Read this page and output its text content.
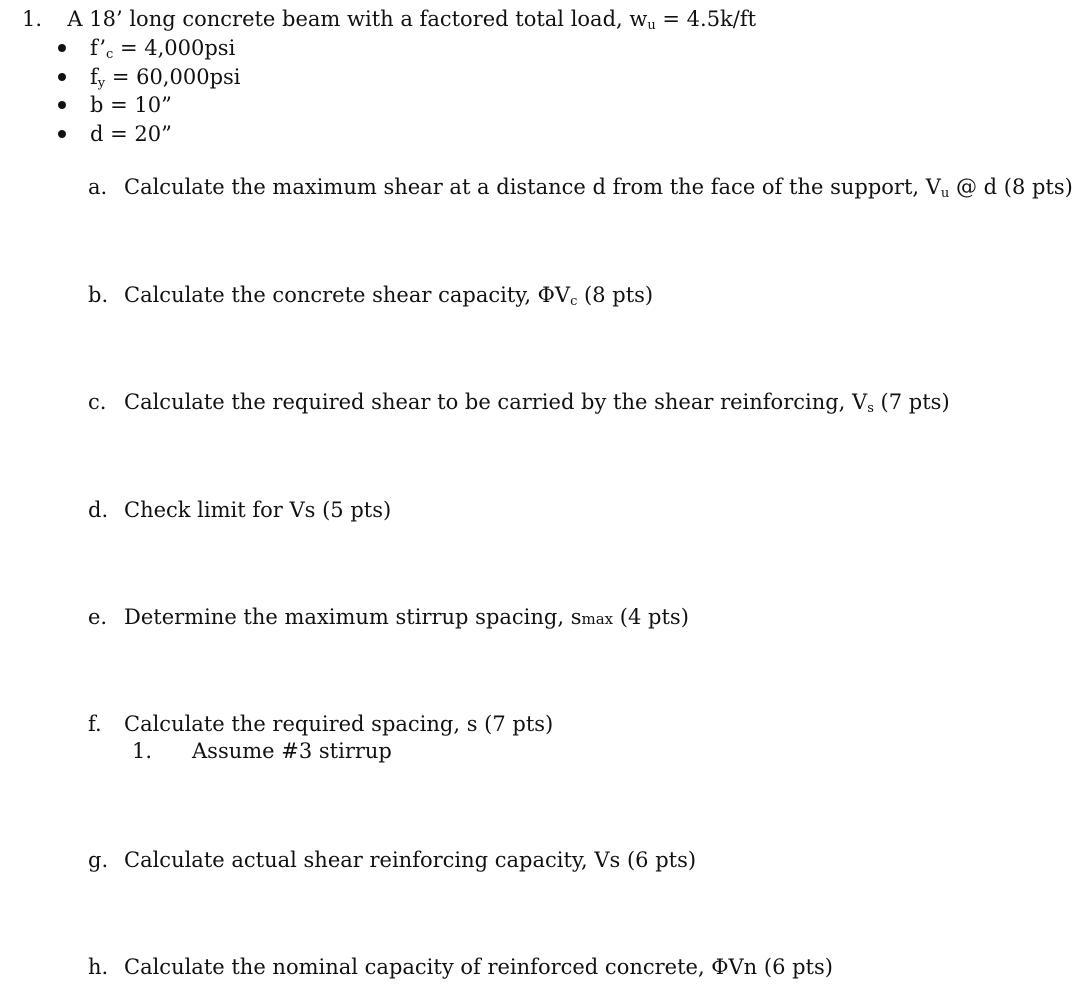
1. A 18’ long concrete beam with a factored total load, $w_u = 4.5k/ft$
$f’_c = 4,000psi$
$f_y = 60,000psi$
b = 10”
d = 20”
a. Calculate the maximum shear at a distance d from the face of the support, $V_u$ @ d (8 pts)
b. Calculate the concrete shear capacity, $\Phi V_c$ (8 pts)
c. Calculate the required shear to be carried by the shear reinforcing, $V_s$ (7 pts)
d. Check limit for Vs (5 pts)
e. Determine the maximum stirrup spacing, smax (4 pts)
f. Calculate the required spacing, s (7 pts)
1. Assume #3 stirrup
g. Calculate actual shear reinforcing capacity, Vs (6 pts)
h. Calculate the nominal capacity of reinforced concrete, ΦVn (6 pts)
